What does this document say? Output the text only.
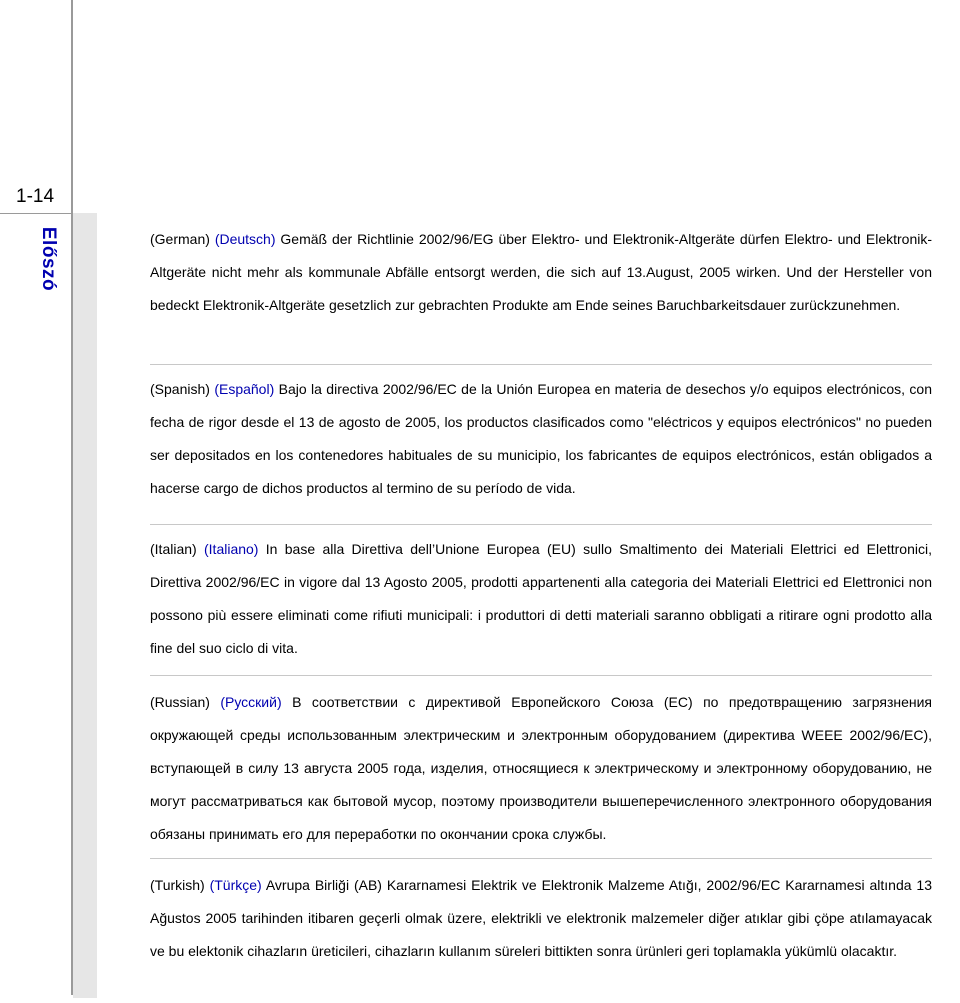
1-14
Előszó	(German) (Deutsch) Gemäß der Richtlinie 2002/96/EG über Elektro- und Elektronik-Altgeräte dürfen Elektro- und Elektronik-Altgeräte nicht mehr als kommunale Abfälle entsorgt werden, die sich auf 13.August, 2005 wirken. Und der Hersteller von bedeckt Elektronik-Altgeräte gesetzlich zur gebrachten Produkte am Ende seines Baruchbarkeitsdauer zurückzunehmen.

(Spanish) (Español) Bajo la directiva 2002/96/EC de la Unión Europea en materia de desechos y/o equipos electrónicos, con fecha de rigor desde el 13 de agosto de 2005, los productos clasificados como "eléctricos y equipos electrónicos" no pueden ser depositados en los contenedores habituales de su municipio, los fabricantes de equipos electrónicos, están obligados a hacerse cargo de dichos productos al termino de su período de vida.

(Italian) (Italiano) In base alla Direttiva dell’Unione Europea (EU) sullo Smaltimento dei Materiali Elettrici ed Elettronici, Direttiva 2002/96/EC in vigore dal 13 Agosto 2005, prodotti appartenenti alla categoria dei Materiali Elettrici ed Elettronici non possono più essere eliminati come rifiuti municipali: i produttori di detti materiali saranno obbligati a ritirare ogni prodotto alla fine del suo ciclo di vita.

(Russian) (Русский) В соответствии с директивой Европейского Союза (ЕС) по предотвращению загрязнения окружающей среды использованным электрическим и электронным оборудованием (директива WEEE 2002/96/EC), вступающей в силу 13 августа 2005 года, изделия, относящиеся к электрическому и электронному оборудованию, не могут рассматриваться как бытовой мусор, поэтому производители вышеперечисленного электронного оборудования обязаны принимать его для переработки по окончании срока службы.

(Turkish) (Türkçe) Avrupa Birliği (AB) Kararnamesi Elektrik ve Elektronik Malzeme Atığı, 2002/96/EC Kararnamesi altında 13 Ağustos 2005 tarihinden itibaren geçerli olmak üzere, elektrikli ve elektronik malzemeler diğer atıklar gibi çöpe atılamayacak ve bu elektonik cihazların üreticileri, cihazların kullanım süreleri bittikten sonra ürünleri geri toplamakla yükümlü olacaktır.
